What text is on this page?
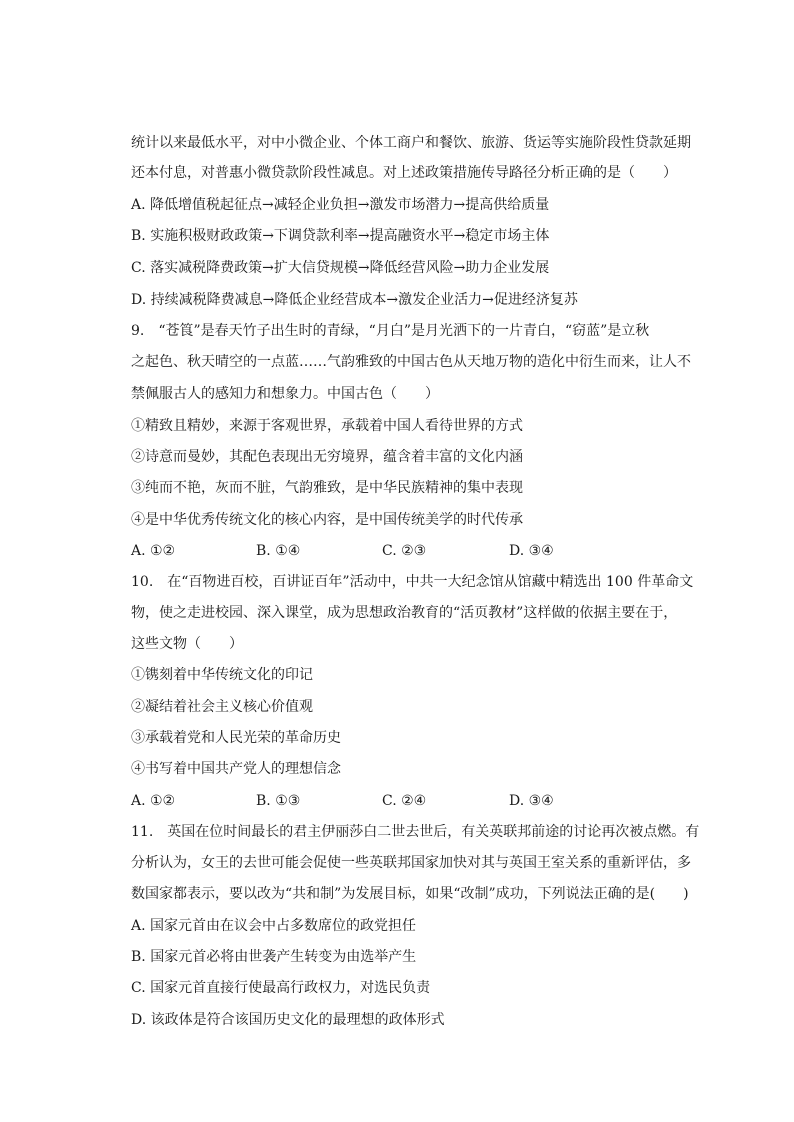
统计以来最低水平，对中小微企业、个体工商户和餐饮、旅游、货运等实施阶段性贷款延期
还本付息，对普惠小微贷款阶段性减息。对上述政策措施传导路径分析正确的是（　　）
A. 降低增值税起征点→减轻企业负担→激发市场潜力→提高供给质量
B. 实施积极财政政策→下调贷款利率→提高融资水平→稳定市场主体
C. 落实减税降费政策→扩大信贷规模→降低经营风险→助力企业发展
D. 持续减税降费减息→降低企业经营成本→激发企业活力→促进经济复苏
9.　“苍筤”是春天竹子出生时的青绿，“月白”是月光洒下的一片青白，“窃蓝”是立秋
之起色、秋天晴空的一点蓝……气韵雅致的中国古色从天地万物的造化中衍生而来，让人不
禁佩服古人的感知力和想象力。中国古色（　　）
①精致且精妙，来源于客观世界，承载着中国人看待世界的方式
②诗意而曼妙，其配色表现出无穷境界，蕴含着丰富的文化内涵
③纯而不艳，灰而不脏，气韵雅致，是中华民族精神的集中表现
④是中华优秀传统文化的核心内容，是中国传统美学的时代传承
A. ①②	B. ①④	C. ②③	D. ③④
10.　在“百物进百校，百讲证百年”活动中，中共一大纪念馆从馆藏中精选出 100 件革命文
物，使之走进校园、深入课堂，成为思想政治教育的“活页教材”这样做的依据主要在于，
这些文物（　　）
①镌刻着中华传统文化的印记
②凝结着社会主义核心价值观
③承载着党和人民光荣的革命历史
④书写着中国共产党人的理想信念
A. ①②	B. ①③	C. ②④	D. ③④
11.　英国在位时间最长的君主伊丽莎白二世去世后，有关英联邦前途的讨论再次被点燃。有
分析认为，女王的去世可能会促使一些英联邦国家加快对其与英国王室关系的重新评估，多
数国家都表示，要以改为“共和制”为发展目标，如果“改制”成功，下列说法正确的是(　　)
A. 国家元首由在议会中占多数席位的政党担任
B. 国家元首必将由世袭产生转变为由选举产生
C. 国家元首直接行使最高行政权力，对选民负责
D. 该政体是符合该国历史文化的最理想的政体形式
